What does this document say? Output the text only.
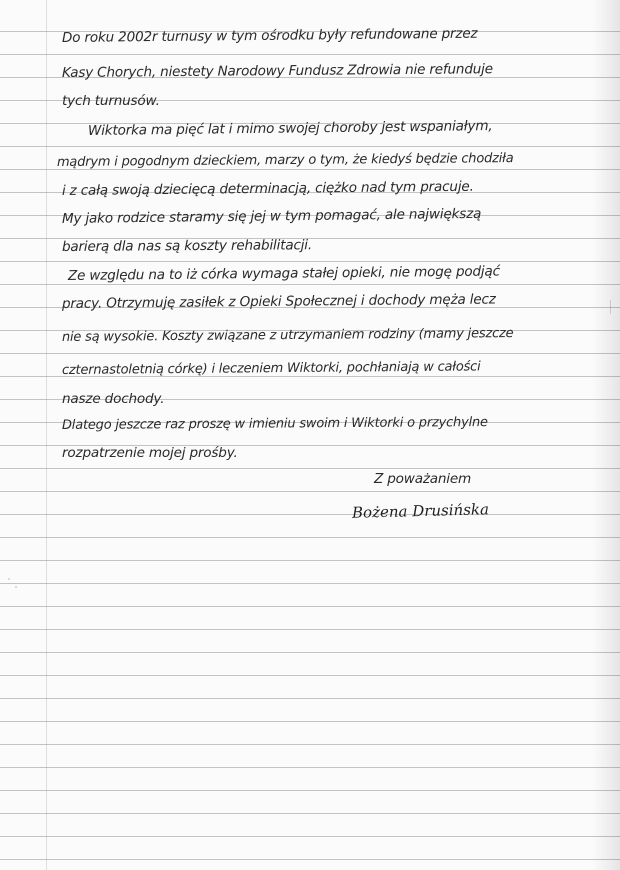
Do roku 2002r turnusy w tym ośrodku były refundowane przez
Kasy Chorych, niestety Narodowy Fundusz Zdrowia nie refunduje
tych turnusów.
Wiktorka ma pięć lat i mimo swojej choroby jest wspaniałym,
mądrym i pogodnym dzieckiem, marzy o tym, że kiedyś będzie chodziła
i z całą swoją dziecięcą determinacją, ciężko nad tym pracuje.
My jako rodzice staramy się jej w tym pomagać, ale największą
barierą dla nas są koszty rehabilitacji.
Ze względu na to iż córka wymaga stałej opieki, nie mogę podjąć
pracy. Otrzymuję zasiłek z Opieki Społecznej i dochody męża lecz
nie są wysokie. Koszty związane z utrzymaniem rodziny (mamy jeszcze
czternastoletnią córkę) i leczeniem Wiktorki, pochłaniają w całości
nasze dochody.
Dlatego jeszcze raz proszę w imieniu swoim i Wiktorki o przychylne
rozpatrzenie mojej prośby.
Z poważaniem
Bożena Drusińska
